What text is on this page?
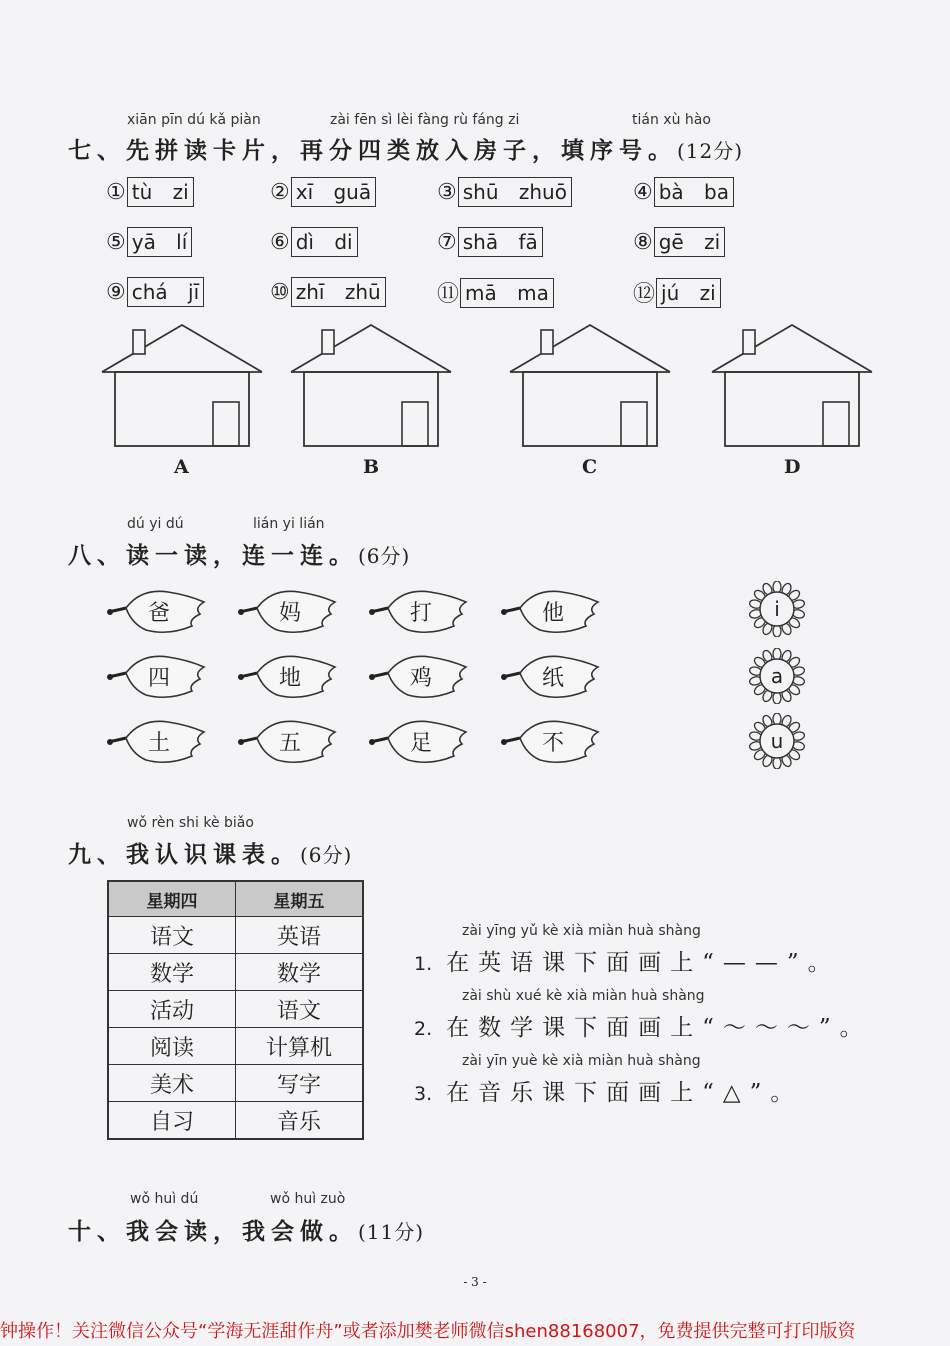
xiān pīn dú kǎ piàn	zài fēn sì lèi fàng rù fáng zi	tián xù hào
七、先拼读卡片，再分四类放入房子，填序号。(12分)
① tù zi	② xī guā	③ shū zhuō	④ bà ba
⑤ yā lí	⑥ dì di	⑦ shā fā	⑧ gē zi
⑨ chá jī	⑩ zhī zhū	⑪ mā ma	⑫ jú zi
A	B	C	D
dú yi dú	lián yi lián
八、读一读，连一连。(6分)
爸	妈	打	他
四	地	鸡	纸
土	五	足	不
i
a
u
wǒ rèn shi kè biǎo
九、我认识课表。(6分)
星期四	星期五
语文	英语
数学	数学
活动	语文
阅读	计算机
美术	写字
自习	音乐
zài yīng yǔ kè xià miàn huà shàng
1. 在英语课下面画上“——”。
zài shù xué kè xià miàn huà shàng
2. 在数学课下面画上“～～～”。
zài yīn yuè kè xià miàn huà shàng
3. 在音乐课下面画上“△”。
wǒ huì dú	wǒ huì zuò
十、我会读，我会做。(11分)
- 3 -
钟操作！关注微信公众号“学海无涯甜作舟”或者添加樊老师微信shen88168007，免费提供完整可打印版资
